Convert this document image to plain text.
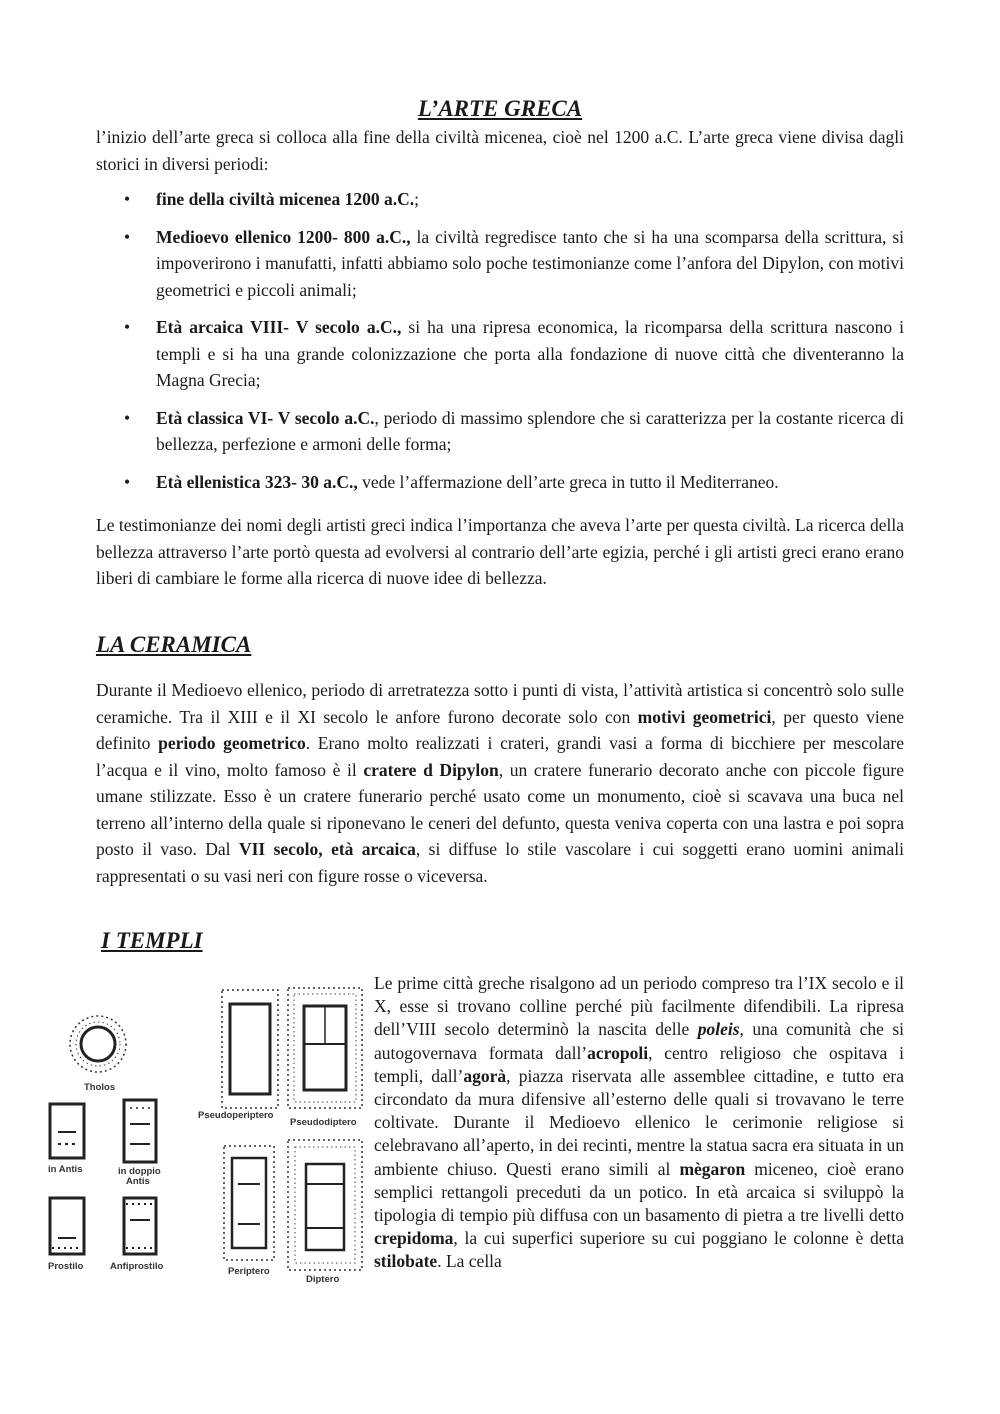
L’ARTE GRECA
l’inizio dell’arte greca si colloca alla fine della civiltà micenea, cioè nel 1200 a.C. L’arte greca viene divisa dagli storici in diversi periodi:
• fine della civiltà micenea 1200 a.C.;
• Medioevo ellenico 1200- 800 a.C., la civiltà regredisce tanto che si ha una scomparsa della scrittura, si impoverirono i manufatti, infatti abbiamo solo poche testimonianze come l’anfora del Dipylon, con motivi geometrici e piccoli animali;
• Età arcaica VIII- V secolo a.C., si ha una ripresa economica, la ricomparsa della scrittura nascono i templi e si ha una grande colonizzazione che porta alla fondazione di nuove città che diventeranno la Magna Grecia;
• Età classica VI- V secolo a.C., periodo di massimo splendore che si caratterizza per la costante ricerca di bellezza, perfezione e armoni delle forma;
• Età ellenistica 323- 30 a.C., vede l’affermazione dell’arte greca in tutto il Mediterraneo.
Le testimonianze dei nomi degli artisti greci indica l’importanza che aveva l’arte per questa civiltà. La ricerca della bellezza attraverso l’arte portò questa ad evolversi al contrario dell’arte egizia, perché i gli artisti greci erano erano liberi di cambiare le forme alla ricerca di nuove idee di bellezza.
LA CERAMICA
Durante il Medioevo ellenico, periodo di arretratezza sotto i punti di vista, l’attività artistica si concentrò solo sulle ceramiche. Tra il XIII e il XI secolo le anfore furono decorate solo con motivi geometrici, per questo viene definito periodo geometrico. Erano molto realizzati i crateri, grandi vasi a forma di bicchiere per mescolare l’acqua e il vino, molto famoso è il cratere d Dipylon, un cratere funerario decorato anche con piccole figure umane stilizzate. Esso è un cratere funerario perché usato come un monumento, cioè si scavava una buca nel terreno all’interno della quale si riponevano le ceneri del defunto, questa veniva coperta con una lastra e poi sopra posto il vaso. Dal VII secolo, età arcaica, si diffuse lo stile vascolare i cui soggetti erano uomini animali rappresentati o su vasi neri con figure rosse o viceversa.
I TEMPLI
Tholos
in Antis	in doppio
Antis
Prostilo	Anfiprostilo
Pseudoperiptero
Pseudodiptero
Periptero
Diptero
Le prime città greche risalgono ad un periodo compreso tra l’IX secolo e il X, esse si trovano colline perché più facilmente difendibili. La ripresa dell’VIII secolo determinò la nascita delle poleis, una comunità che si autogovernava formata dall’acropoli, centro religioso che ospitava i templi, dall’agorà, piazza riservata alle assemblee cittadine, e tutto era circondato da mura difensive all’esterno delle quali si trovavano le terre coltivate. Durante il Medioevo ellenico le cerimonie religiose si celebravano all’aperto, in dei recinti, mentre la statua sacra era situata in un ambiente chiuso. Questi erano simili al mègaron miceneo, cioè erano semplici rettangoli preceduti da un potico. In età arcaica si sviluppò la tipologia di tempio più diffusa con un basamento di pietra a tre livelli detto crepidoma, la cui superfici superiore su cui poggiano le colonne è detta stilobate. La cella
